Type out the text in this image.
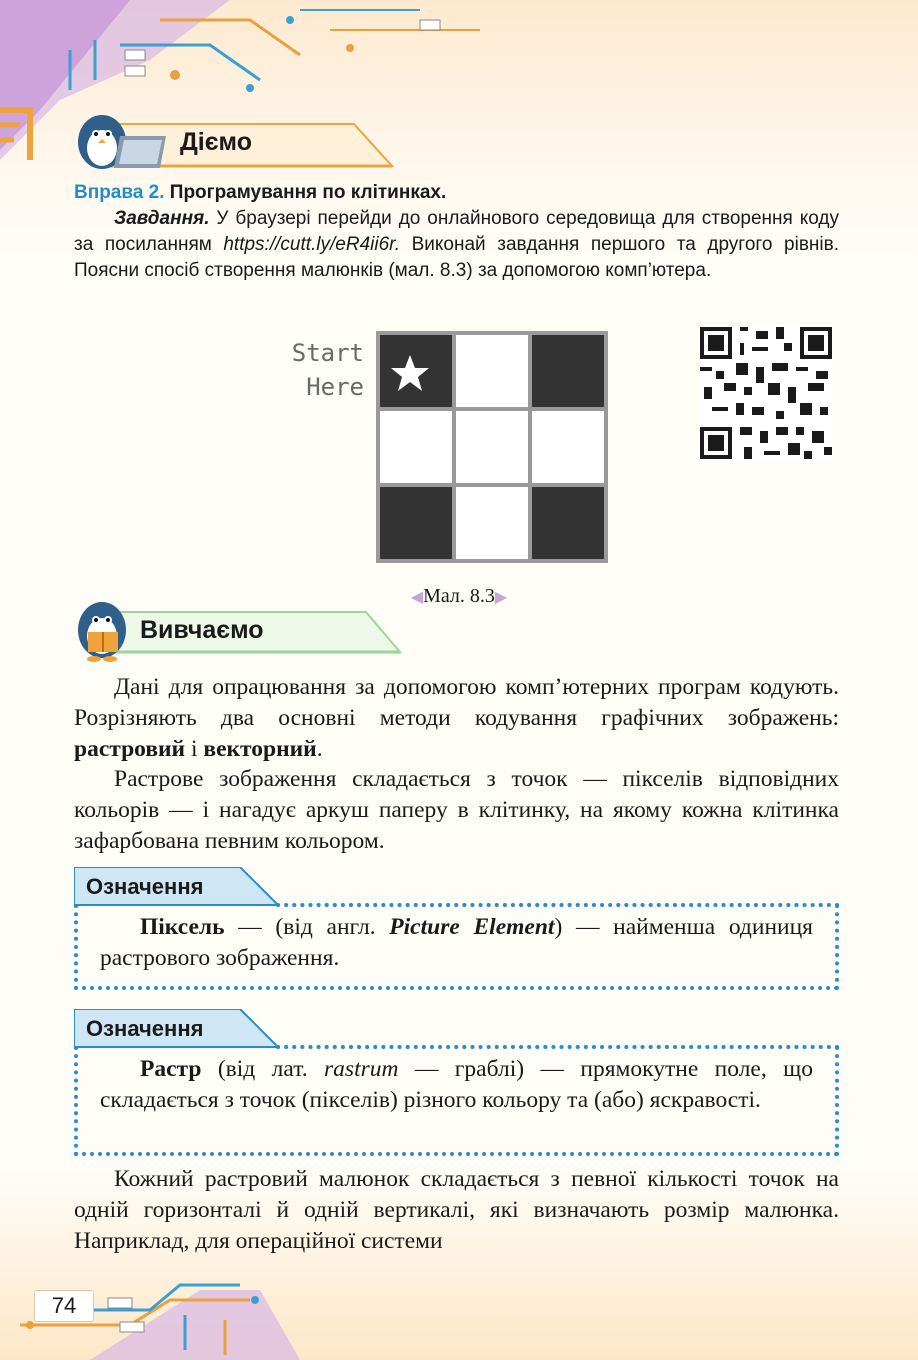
Діємо
Вправа 2. Програмування по клітинках.
Завдання. У браузері перейди до онлайнового середовища для створення коду за посиланням https://cutt.ly/eR4ii6r. Виконай завдання першого та другого рівнів. Поясни спосіб створення малюнків (мал. 8.3) за допомогою комп’ютера.
Start
Here
◀Мал. 8.3▶
Вивчаємо
Дані для опрацювання за допомогою комп’ютерних програм кодують. Розрізняють два основні методи кодування графічних зображень: растровий і векторний.
Растрове зображення складається з точок — пікселів відповідних кольорів — і нагадує аркуш паперу в клітинку, на якому кожна клітинка зафарбована певним кольором.
Означення
Піксель — (від англ. Picture Element) — найменша одиниця растрового зображення.
Означення
Растр (від лат. rastrum — граблі) — прямокутне поле, що складається з точок (пікселів) різного кольору та (або) яскравості.
Кожний растровий малюнок складається з певної кількості точок на одній горизонталі й одній вертикалі, які визначають розмір малюнка. Наприклад, для операційної системи
74
